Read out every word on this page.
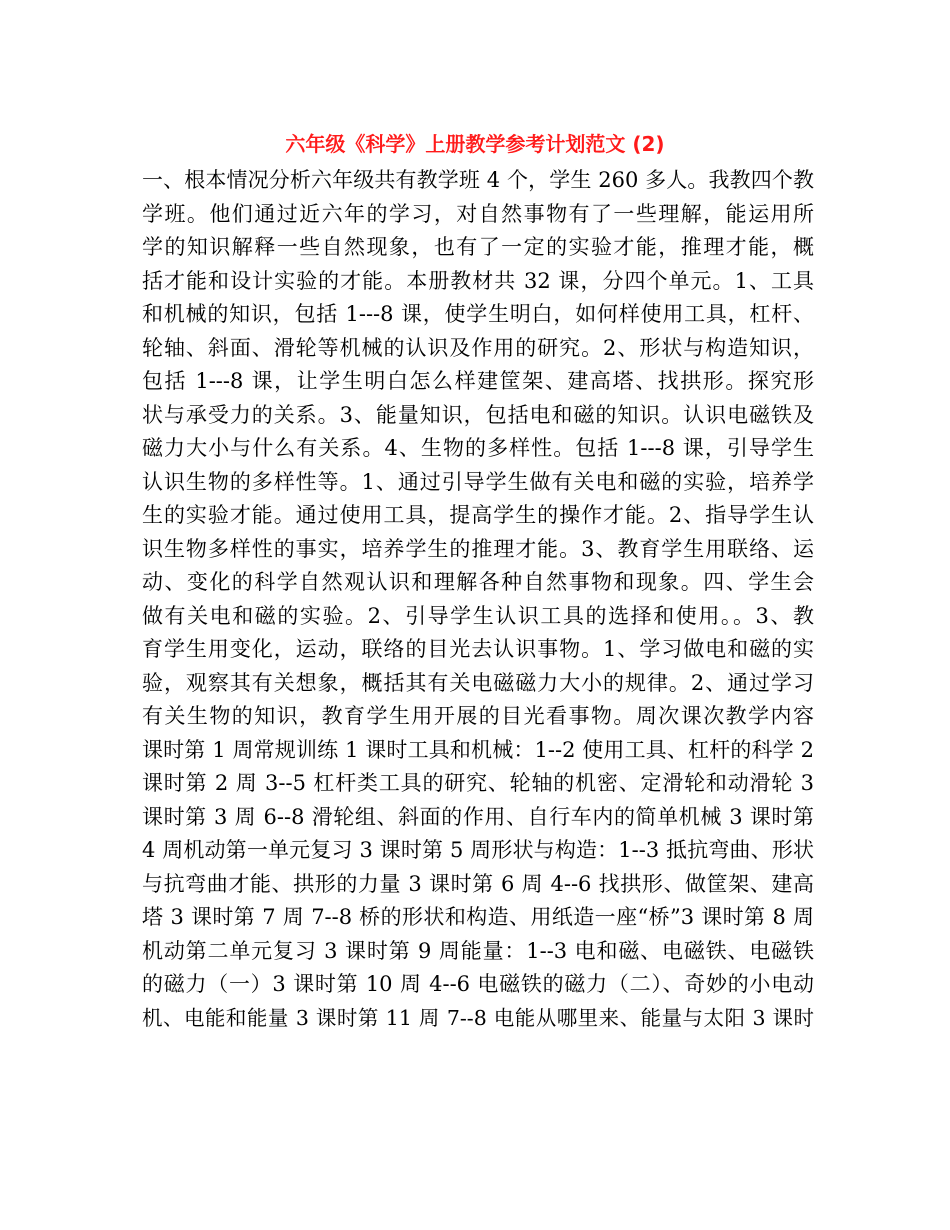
六年级《科学》上册教学参考计划范文 (2)
一、根本情况分析六年级共有教学班 4 个，学生 260 多人。我教四个教
学班。他们通过近六年的学习，对自然事物有了一些理解，能运用所
学的知识解释一些自然现象，也有了一定的实验才能，推理才能，概
括才能和设计实验的才能。本册教材共 32 课，分四个单元。1、工具
和机械的知识，包括 1---8 课，使学生明白，如何样使用工具，杠杆、
轮轴、斜面、滑轮等机械的认识及作用的研究。2、形状与构造知识，
包括 1---8 课，让学生明白怎么样建筐架、建高塔、找拱形。探究形
状与承受力的关系。3、能量知识，包括电和磁的知识。认识电磁铁及
磁力大小与什么有关系。4、生物的多样性。包括 1---8 课，引导学生
认识生物的多样性等。1、通过引导学生做有关电和磁的实验，培养学
生的实验才能。通过使用工具，提高学生的操作才能。2、指导学生认
识生物多样性的事实，培养学生的推理才能。3、教育学生用联络、运
动、变化的科学自然观认识和理解各种自然事物和现象。四、学生会
做有关电和磁的实验。2、引导学生认识工具的选择和使用。。3、教
育学生用变化，运动，联络的目光去认识事物。1、学习做电和磁的实
验，观察其有关想象，概括其有关电磁磁力大小的规律。2、通过学习
有关生物的知识，教育学生用开展的目光看事物。周次课次教学内容
课时第 1 周常规训练 1 课时工具和机械：1--2 使用工具、杠杆的科学 2
课时第 2 周 3--5 杠杆类工具的研究、轮轴的机密、定滑轮和动滑轮 3
课时第 3 周 6--8 滑轮组、斜面的作用、自行车内的简单机械 3 课时第
4 周机动第一单元复习 3 课时第 5 周形状与构造：1--3 抵抗弯曲、形状
与抗弯曲才能、拱形的力量 3 课时第 6 周 4--6 找拱形、做筐架、建高
塔 3 课时第 7 周 7--8 桥的形状和构造、用纸造一座“桥”3 课时第 8 周
机动第二单元复习 3 课时第 9 周能量：1--3 电和磁、电磁铁、电磁铁
的磁力（一）3 课时第 10 周 4--6 电磁铁的磁力（二）、奇妙的小电动
机、电能和能量 3 课时第 11 周 7--8 电能从哪里来、能量与太阳 3 课时
